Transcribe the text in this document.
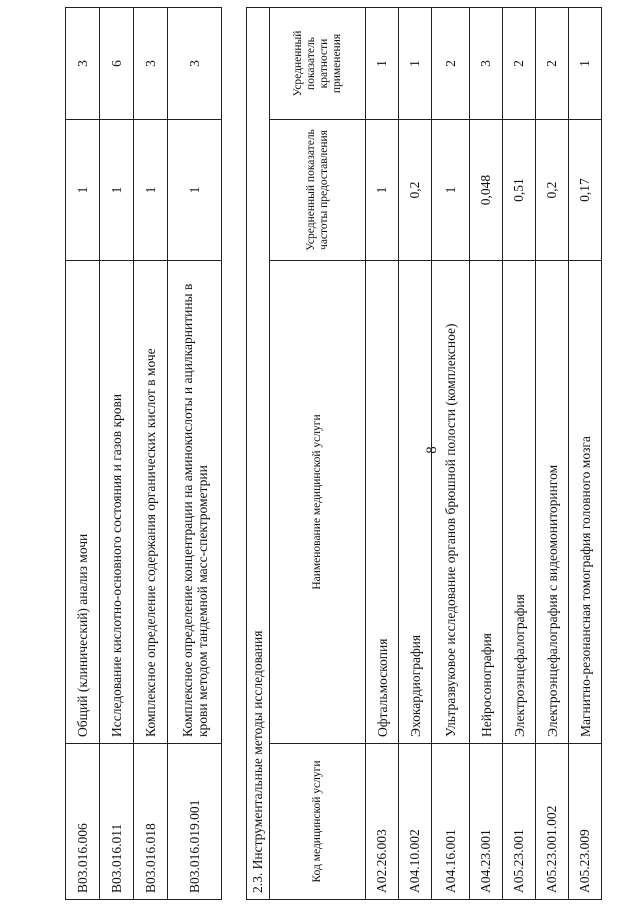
8
B03.016.006	Общий (клинический) анализ мочи	1	3
B03.016.011	Исследование кислотно-основного состояния и газов крови	1	6
B03.016.018	Комплексное определение содержания органических кислот в моче	1	3
B03.016.019.001	Комплексное определение концентрации на аминокислоты и ацилкарнитины в крови методом тандемной масс-спектрометрии	1	3
2.3. Инструментальные методы исследования			
Код медицинской услуги	Наименование медицинской услуги	Усредненный показатель частоты предоставления	Усредненный показатель кратности применения
A02.26.003	Офтальмоскопия	1	1
A04.10.002	Эхокардиография	0,2	1
A04.16.001	Ультразвуковое исследование органов брюшной полости (комплексное)	1	2
A04.23.001	Нейросонография	0,048	3
A05.23.001	Электроэнцефалография	0,51	2
A05.23.001.002	Электроэнцефалография с видеомониторингом	0,2	2
A05.23.009	Магнитно-резонансная томография головного мозга	0,17	1
